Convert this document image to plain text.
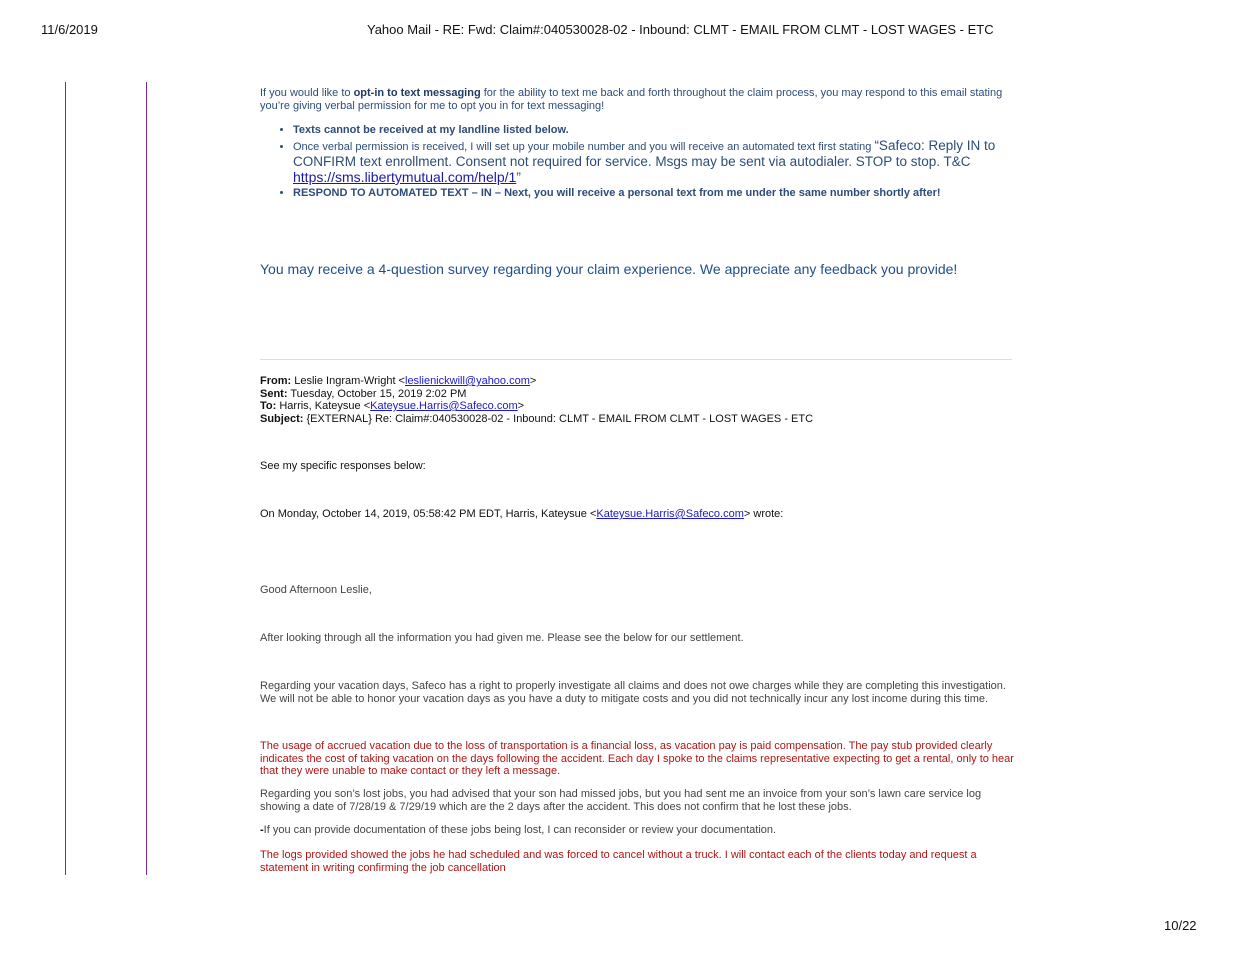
11/6/2019	Yahoo Mail - RE: Fwd: Claim#:040530028-02 - Inbound: CLMT - EMAIL FROM CLMT - LOST WAGES - ETC
10/22
If you would like to opt-in to text messaging for the ability to text me back and forth throughout the claim process, you may respond to this email stating you’re giving verbal permission for me to opt you in for text messaging!
• Texts cannot be received at my landline listed below.
• Once verbal permission is received, I will set up your mobile number and you will receive an automated text first stating “Safeco: Reply IN to CONFIRM text enrollment. Consent not required for service. Msgs may be sent via autodialer. STOP to stop. T&C https://sms.libertymutual.com/help/1”
• RESPOND TO AUTOMATED TEXT – IN – Next, you will receive a personal text from me under the same number shortly after!
You may receive a 4-question survey regarding your claim experience. We appreciate any feedback you provide!
From: Leslie Ingram-Wright <leslienickwill@yahoo.com>
Sent: Tuesday, October 15, 2019 2:02 PM
To: Harris, Kateysue <Kateysue.Harris@Safeco.com>
Subject: {EXTERNAL} Re: Claim#:040530028-02 - Inbound: CLMT - EMAIL FROM CLMT - LOST WAGES - ETC
See my specific responses below:
On Monday, October 14, 2019, 05:58:42 PM EDT, Harris, Kateysue <Kateysue.Harris@Safeco.com> wrote:
Good Afternoon Leslie,
After looking through all the information you had given me. Please see the below for our settlement.
Regarding your vacation days, Safeco has a right to properly investigate all claims and does not owe charges while they are completing this investigation. We will not be able to honor your vacation days as you have a duty to mitigate costs and you did not technically incur any lost income during this time.
The usage of accrued vacation due to the loss of transportation is a financial loss, as vacation pay is paid compensation. The pay stub provided clearly indicates the cost of taking vacation on the days following the accident. Each day I spoke to the claims representative expecting to get a rental, only to hear that they were unable to make contact or they left a message.
Regarding you son’s lost jobs, you had advised that your son had missed jobs, but you had sent me an invoice from your son’s lawn care service log showing a date of 7/28/19 & 7/29/19 which are the 2 days after the accident. This does not confirm that he lost these jobs.
-If you can provide documentation of these jobs being lost, I can reconsider or review your documentation.
The logs provided showed the jobs he had scheduled and was forced to cancel without a truck. I will contact each of the clients today and request a statement in writing confirming the job cancellation
